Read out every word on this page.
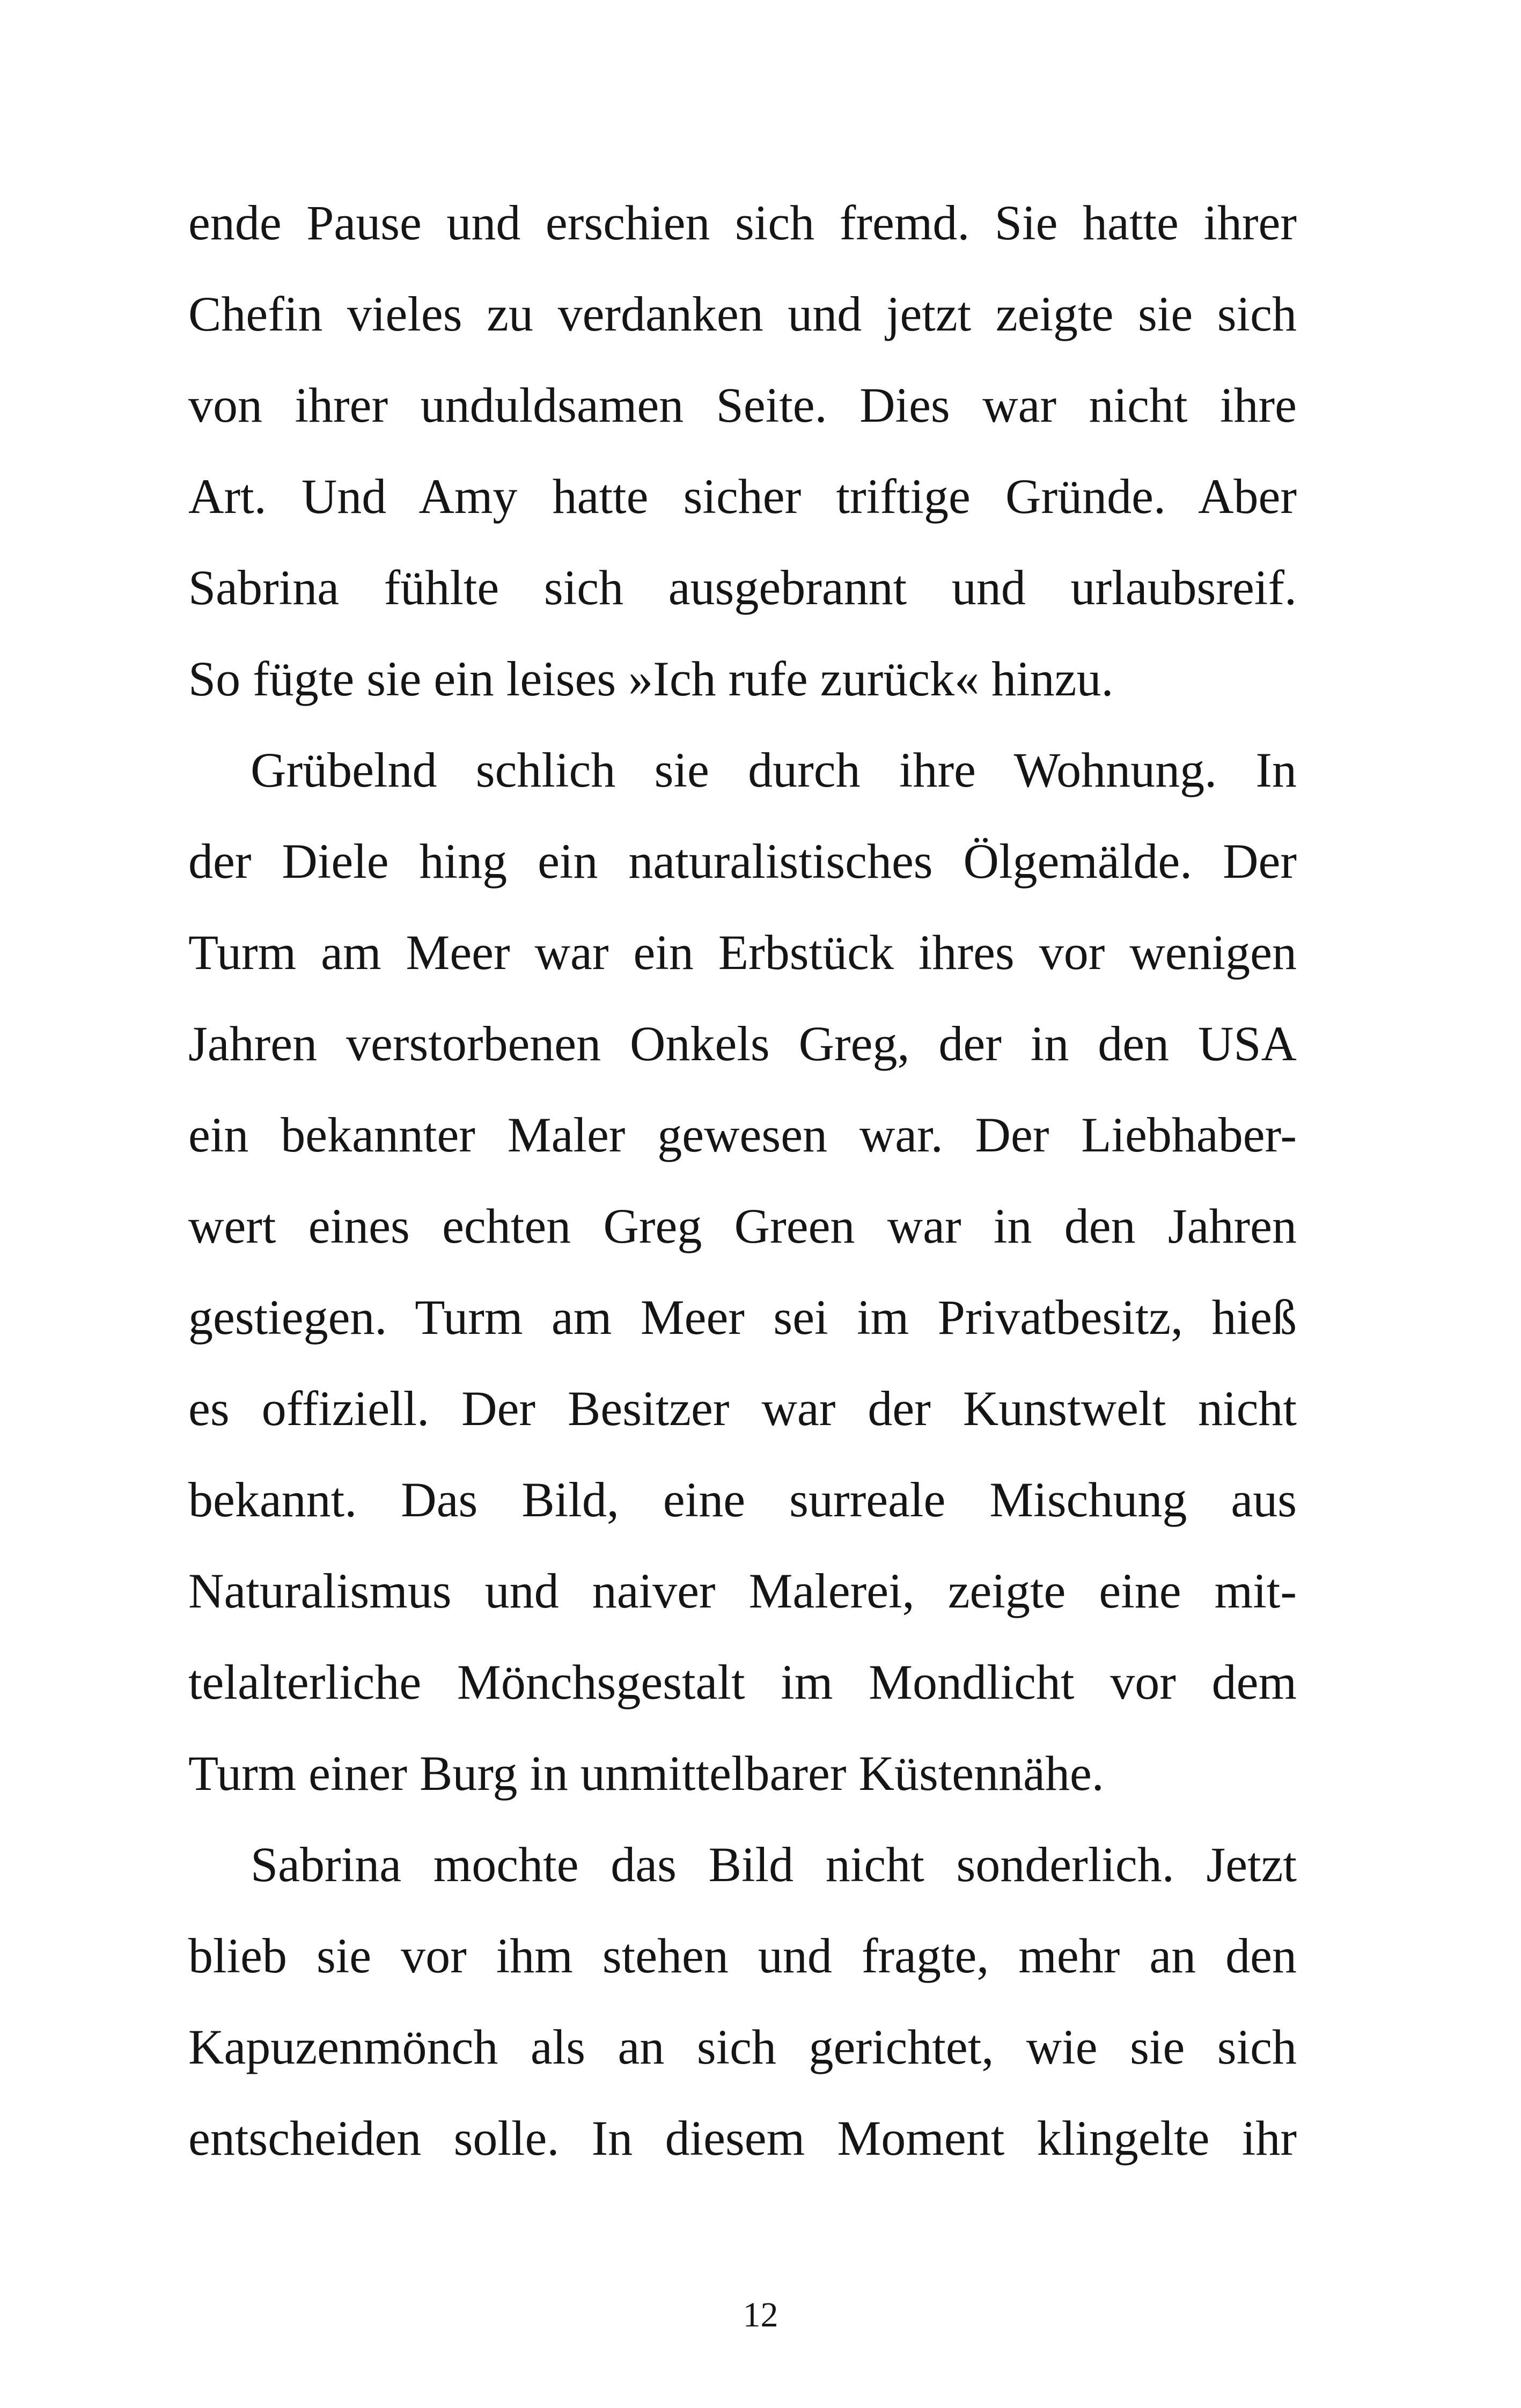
ende Pause und erschien sich fremd. Sie hatte ihrer
Chefin vieles zu verdanken und jetzt zeigte sie sich
von ihrer unduldsamen Seite. Dies war nicht ihre
Art. Und Amy hatte sicher triftige Gründe. Aber
Sabrina fühlte sich ausgebrannt und urlaubsreif.
So fügte sie ein leises »Ich rufe zurück« hinzu.
Grübelnd schlich sie durch ihre Wohnung. In
der Diele hing ein naturalistisches Ölgemälde. Der
Turm am Meer war ein Erbstück ihres vor wenigen
Jahren verstorbenen Onkels Greg, der in den USA
ein bekannter Maler gewesen war. Der Liebhaber-
wert eines echten Greg Green war in den Jahren
gestiegen. Turm am Meer sei im Privatbesitz, hieß
es offiziell. Der Besitzer war der Kunstwelt nicht
bekannt. Das Bild, eine surreale Mischung aus
Naturalismus und naiver Malerei, zeigte eine mit-
telalterliche Mönchsgestalt im Mondlicht vor dem
Turm einer Burg in unmittelbarer Küstennähe.
Sabrina mochte das Bild nicht sonderlich. Jetzt
blieb sie vor ihm stehen und fragte, mehr an den
Kapuzenmönch als an sich gerichtet, wie sie sich
entscheiden solle. In diesem Moment klingelte ihr
12
